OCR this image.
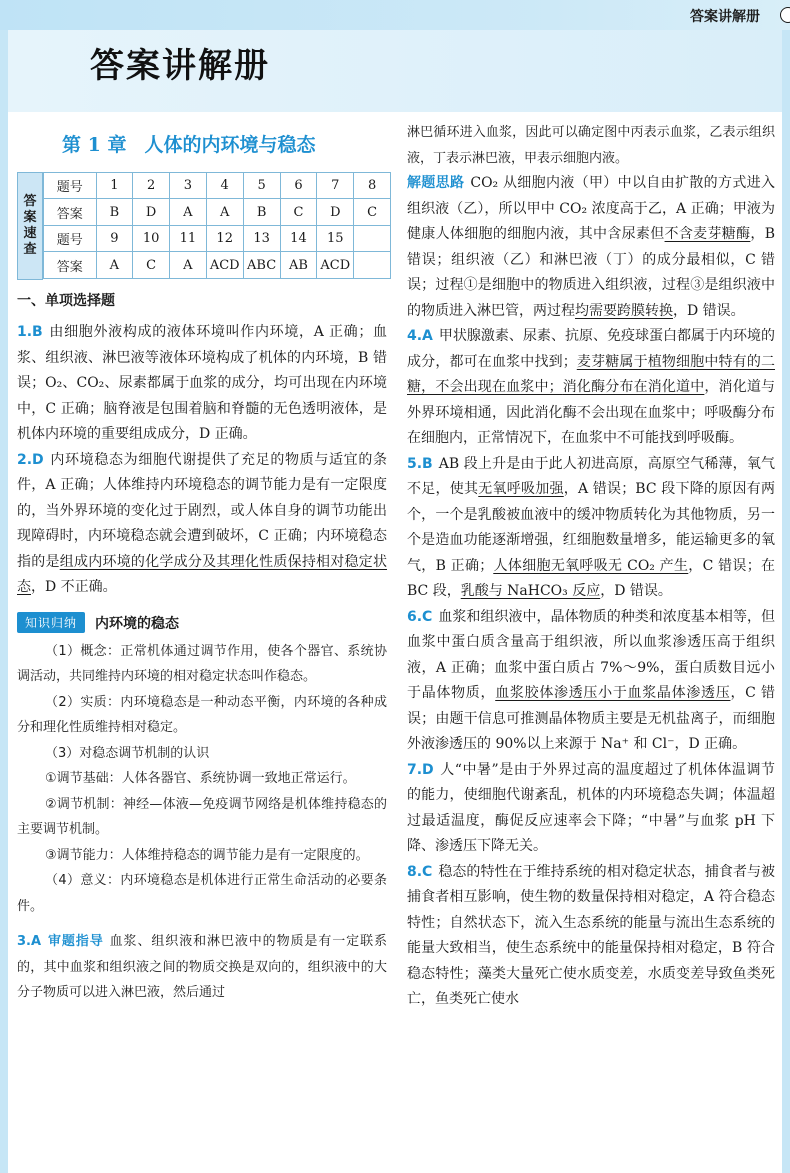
答案讲解册
答案讲解册
第 1 章 人体的内环境与稳态
答
案
速
查
题号	1	2	3	4	5	6	7	8
答案	B	D	A	A	B	C	D	C
题号	9	10	11	12	13	14	15	
答案	A	C	A	ACD	ABC	AB	ACD	
一、单项选择题

1.B 由细胞外液构成的液体环境叫作内环境，A 正确；血浆、组织液、淋巴液等液体环境构成了机体的内环境，B 错误；O₂、CO₂、尿素都属于血浆的成分，均可出现在内环境中，C 正确；脑脊液是包围着脑和脊髓的无色透明液体，是机体内环境的重要组成成分，D 正确。

2.D 内环境稳态为细胞代谢提供了充足的物质与适宜的条件，A 正确；人体维持内环境稳态的调节能力是有一定限度的，当外界环境的变化过于剧烈，或人体自身的调节功能出现障碍时，内环境稳态就会遭到破坏，C 正确；内环境稳态指的是组成内环境的化学成分及其理化性质保持相对稳定状态，D 不正确。

知识归纳	内环境的稳态

（1）概念：正常机体通过调节作用，使各个器官、系统协调活动，共同维持内环境的相对稳定状态叫作稳态。

（2）实质：内环境稳态是一种动态平衡，内环境的各种成分和理化性质维持相对稳定。

（3）对稳态调节机制的认识

①调节基础：人体各器官、系统协调一致地正常运行。

②调节机制：神经—体液—免疫调节网络是机体维持稳态的主要调节机制。

③调节能力：人体维持稳态的调节能力是有一定限度的。

（4）意义：内环境稳态是机体进行正常生命活动的必要条件。

3.A 审题指导 血浆、组织液和淋巴液中的物质是有一定联系的，其中血浆和组织液之间的物质交换是双向的，组织液中的大分子物质可以进入淋巴液，然后通过

淋巴循环进入血浆，因此可以确定图中丙表示血浆，乙表示组织液，丁表示淋巴液，甲表示细胞内液。

解题思路 CO₂ 从细胞内液（甲）中以自由扩散的方式进入组织液（乙），所以甲中 CO₂ 浓度高于乙，A 正确；甲液为健康人体细胞的细胞内液，其中含尿素但不含麦芽糖酶，B 错误；组织液（乙）和淋巴液（丁）的成分最相似，C 错误；过程①是细胞中的物质进入组织液，过程③是组织液中的物质进入淋巴管，两过程均需要跨膜转换，D 错误。

4.A 甲状腺激素、尿素、抗原、免疫球蛋白都属于内环境的成分，都可在血浆中找到；麦芽糖属于植物细胞中特有的二糖，不会出现在血浆中；消化酶分布在消化道中，消化道与外界环境相通，因此消化酶不会出现在血浆中；呼吸酶分布在细胞内，正常情况下，在血浆中不可能找到呼吸酶。

5.B AB 段上升是由于此人初进高原，高原空气稀薄，氧气不足，使其无氧呼吸加强，A 错误；BC 段下降的原因有两个，一个是乳酸被血液中的缓冲物质转化为其他物质，另一个是造血功能逐渐增强，红细胞数量增多，能运输更多的氧气，B 正确；人体细胞无氧呼吸无 CO₂ 产生，C 错误；在 BC 段，乳酸与 NaHCO₃ 反应，D 错误。

6.C 血浆和组织液中，晶体物质的种类和浓度基本相等，但血浆中蛋白质含量高于组织液，所以血浆渗透压高于组织液，A 正确；血浆中蛋白质占 7%～9%，蛋白质数目远小于晶体物质，血浆胶体渗透压小于血浆晶体渗透压，C 错误；由题干信息可推测晶体物质主要是无机盐离子，而细胞外液渗透压的 90%以上来源于 Na⁺ 和 Cl⁻，D 正确。

7.D 人“中暑”是由于外界过高的温度超过了机体体温调节的能力，使细胞代谢紊乱，机体的内环境稳态失调；体温超过最适温度，酶促反应速率会下降；“中暑”与血浆 pH 下降、渗透压下降无关。

8.C 稳态的特性在于维持系统的相对稳定状态，捕食者与被捕食者相互影响，使生物的数量保持相对稳定，A 符合稳态特性；自然状态下，流入生态系统的能量与流出生态系统的能量大致相当，使生态系统中的能量保持相对稳定，B 符合稳态特性；藻类大量死亡使水质变差，水质变差导致鱼类死亡，鱼类死亡使水
